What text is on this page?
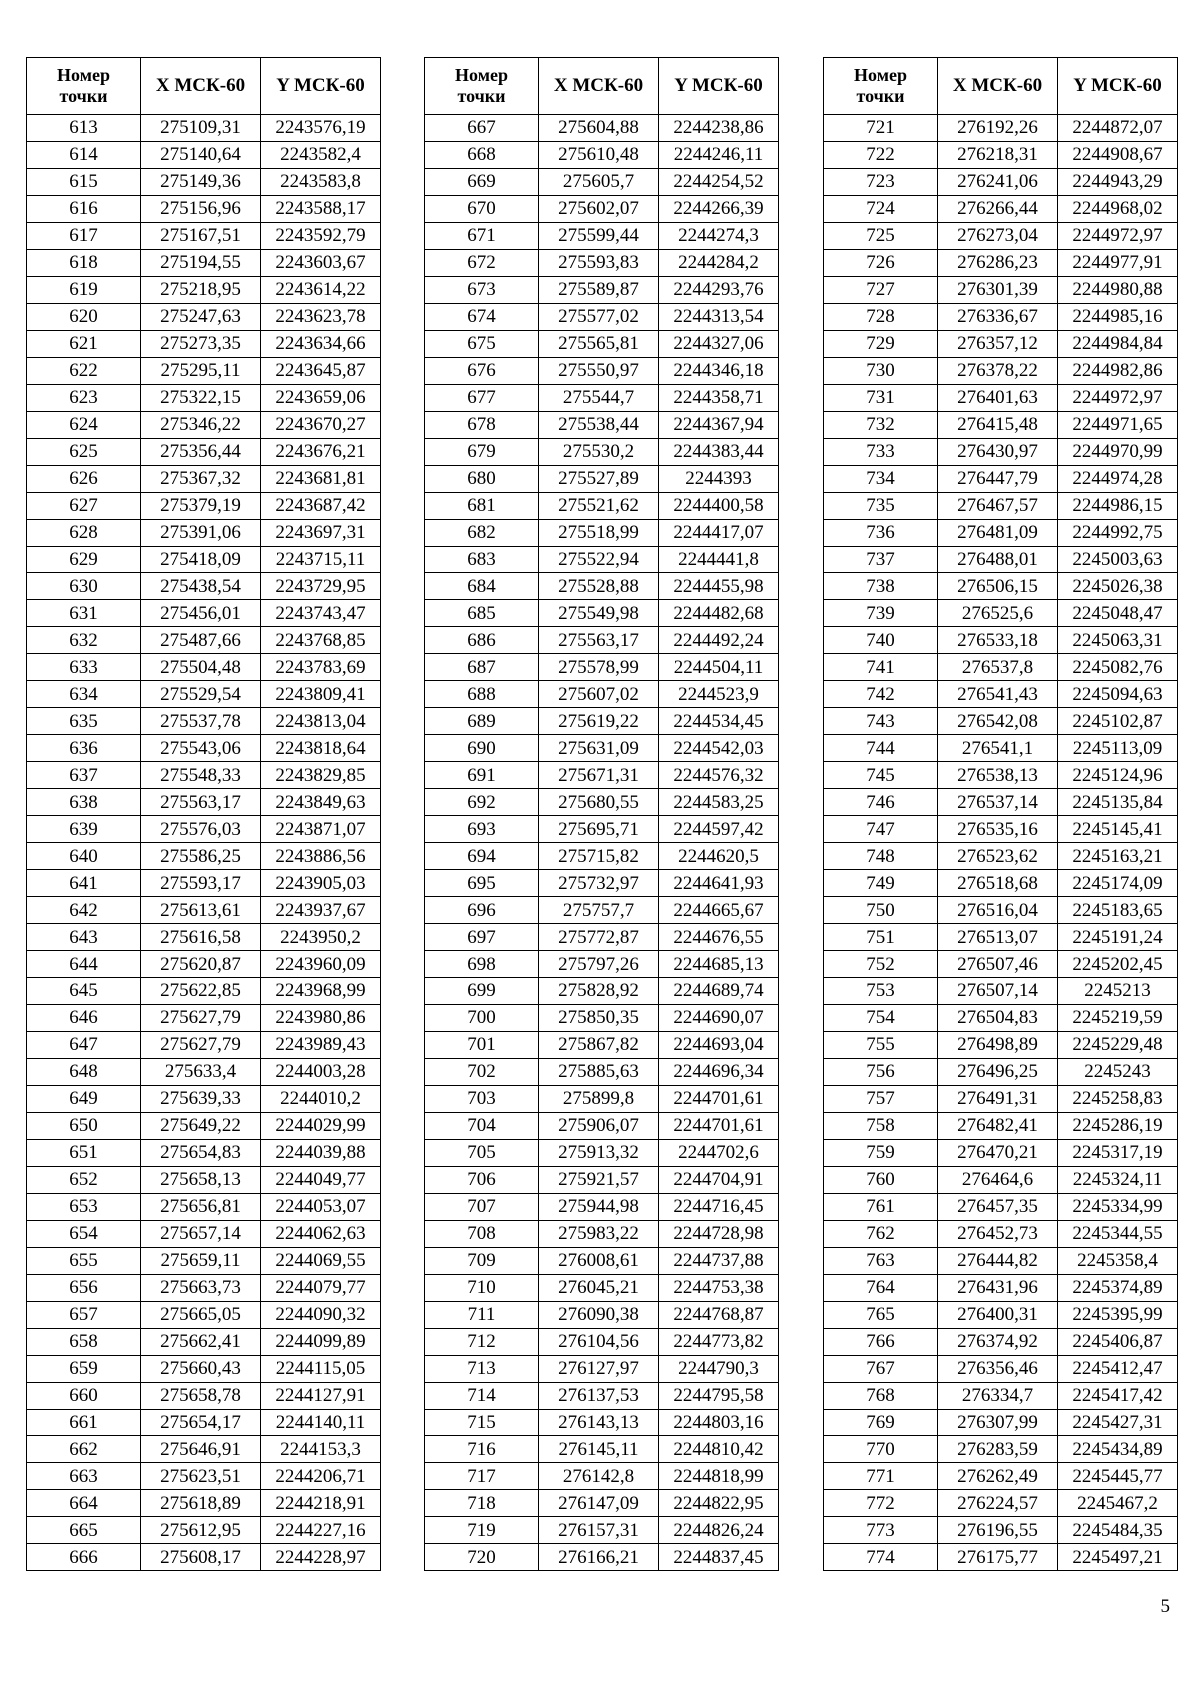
Номер
точки	X МСК-60	Y МСК-60
613	275109,31	2243576,19
614	275140,64	2243582,4
615	275149,36	2243583,8
616	275156,96	2243588,17
617	275167,51	2243592,79
618	275194,55	2243603,67
619	275218,95	2243614,22
620	275247,63	2243623,78
621	275273,35	2243634,66
622	275295,11	2243645,87
623	275322,15	2243659,06
624	275346,22	2243670,27
625	275356,44	2243676,21
626	275367,32	2243681,81
627	275379,19	2243687,42
628	275391,06	2243697,31
629	275418,09	2243715,11
630	275438,54	2243729,95
631	275456,01	2243743,47
632	275487,66	2243768,85
633	275504,48	2243783,69
634	275529,54	2243809,41
635	275537,78	2243813,04
636	275543,06	2243818,64
637	275548,33	2243829,85
638	275563,17	2243849,63
639	275576,03	2243871,07
640	275586,25	2243886,56
641	275593,17	2243905,03
642	275613,61	2243937,67
643	275616,58	2243950,2
644	275620,87	2243960,09
645	275622,85	2243968,99
646	275627,79	2243980,86
647	275627,79	2243989,43
648	275633,4	2244003,28
649	275639,33	2244010,2
650	275649,22	2244029,99
651	275654,83	2244039,88
652	275658,13	2244049,77
653	275656,81	2244053,07
654	275657,14	2244062,63
655	275659,11	2244069,55
656	275663,73	2244079,77
657	275665,05	2244090,32
658	275662,41	2244099,89
659	275660,43	2244115,05
660	275658,78	2244127,91
661	275654,17	2244140,11
662	275646,91	2244153,3
663	275623,51	2244206,71
664	275618,89	2244218,91
665	275612,95	2244227,16
666	275608,17	2244228,97
Номер
точки	X МСК-60	Y МСК-60
667	275604,88	2244238,86
668	275610,48	2244246,11
669	275605,7	2244254,52
670	275602,07	2244266,39
671	275599,44	2244274,3
672	275593,83	2244284,2
673	275589,87	2244293,76
674	275577,02	2244313,54
675	275565,81	2244327,06
676	275550,97	2244346,18
677	275544,7	2244358,71
678	275538,44	2244367,94
679	275530,2	2244383,44
680	275527,89	2244393
681	275521,62	2244400,58
682	275518,99	2244417,07
683	275522,94	2244441,8
684	275528,88	2244455,98
685	275549,98	2244482,68
686	275563,17	2244492,24
687	275578,99	2244504,11
688	275607,02	2244523,9
689	275619,22	2244534,45
690	275631,09	2244542,03
691	275671,31	2244576,32
692	275680,55	2244583,25
693	275695,71	2244597,42
694	275715,82	2244620,5
695	275732,97	2244641,93
696	275757,7	2244665,67
697	275772,87	2244676,55
698	275797,26	2244685,13
699	275828,92	2244689,74
700	275850,35	2244690,07
701	275867,82	2244693,04
702	275885,63	2244696,34
703	275899,8	2244701,61
704	275906,07	2244701,61
705	275913,32	2244702,6
706	275921,57	2244704,91
707	275944,98	2244716,45
708	275983,22	2244728,98
709	276008,61	2244737,88
710	276045,21	2244753,38
711	276090,38	2244768,87
712	276104,56	2244773,82
713	276127,97	2244790,3
714	276137,53	2244795,58
715	276143,13	2244803,16
716	276145,11	2244810,42
717	276142,8	2244818,99
718	276147,09	2244822,95
719	276157,31	2244826,24
720	276166,21	2244837,45
Номер
точки	X МСК-60	Y МСК-60
721	276192,26	2244872,07
722	276218,31	2244908,67
723	276241,06	2244943,29
724	276266,44	2244968,02
725	276273,04	2244972,97
726	276286,23	2244977,91
727	276301,39	2244980,88
728	276336,67	2244985,16
729	276357,12	2244984,84
730	276378,22	2244982,86
731	276401,63	2244972,97
732	276415,48	2244971,65
733	276430,97	2244970,99
734	276447,79	2244974,28
735	276467,57	2244986,15
736	276481,09	2244992,75
737	276488,01	2245003,63
738	276506,15	2245026,38
739	276525,6	2245048,47
740	276533,18	2245063,31
741	276537,8	2245082,76
742	276541,43	2245094,63
743	276542,08	2245102,87
744	276541,1	2245113,09
745	276538,13	2245124,96
746	276537,14	2245135,84
747	276535,16	2245145,41
748	276523,62	2245163,21
749	276518,68	2245174,09
750	276516,04	2245183,65
751	276513,07	2245191,24
752	276507,46	2245202,45
753	276507,14	2245213
754	276504,83	2245219,59
755	276498,89	2245229,48
756	276496,25	2245243
757	276491,31	2245258,83
758	276482,41	2245286,19
759	276470,21	2245317,19
760	276464,6	2245324,11
761	276457,35	2245334,99
762	276452,73	2245344,55
763	276444,82	2245358,4
764	276431,96	2245374,89
765	276400,31	2245395,99
766	276374,92	2245406,87
767	276356,46	2245412,47
768	276334,7	2245417,42
769	276307,99	2245427,31
770	276283,59	2245434,89
771	276262,49	2245445,77
772	276224,57	2245467,2
773	276196,55	2245484,35
774	276175,77	2245497,21
5
